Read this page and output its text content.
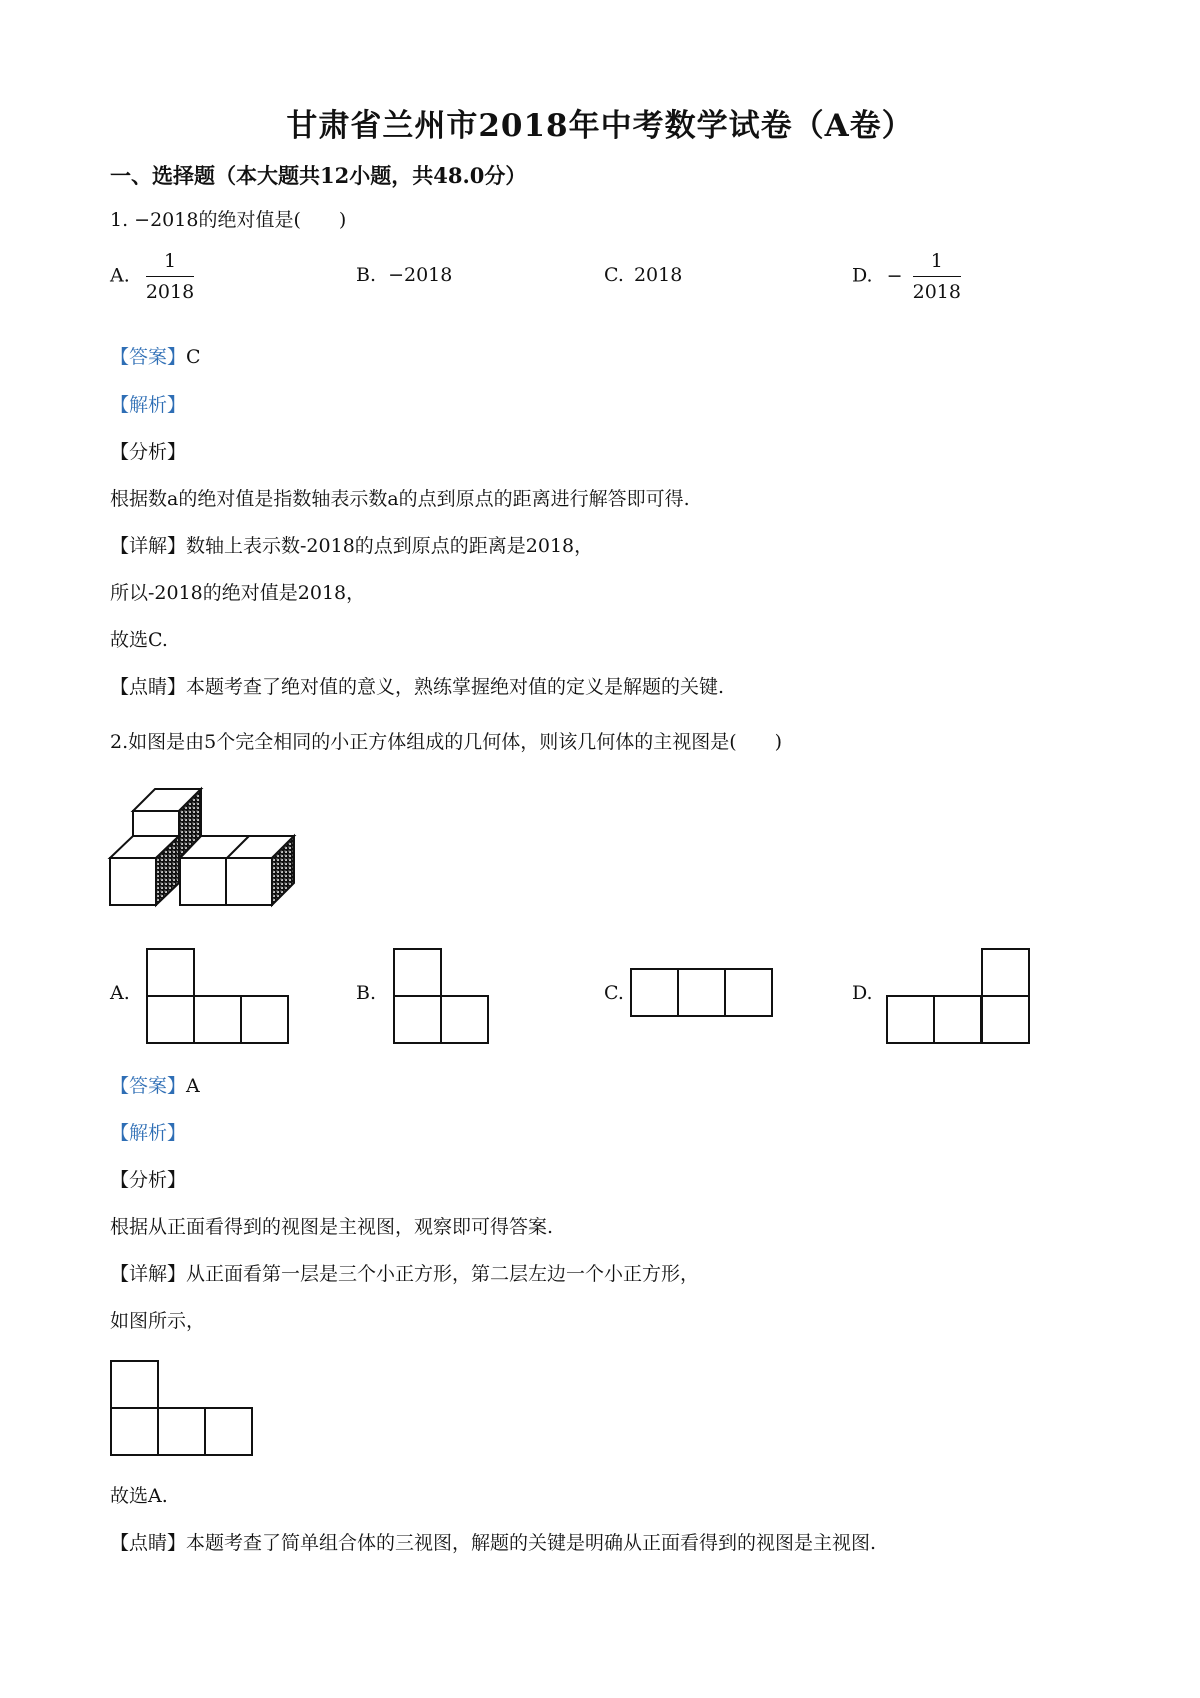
甘肃省兰州市2018年中考数学试卷（A卷）
一、选择题（本大题共12小题，共48.0分）
1. −2018的绝对值是(　　)
A. $\frac{1}{2018}$	B. −2018	C. 2018	D. − $\frac{1}{2018}$
【答案】C
【解析】
【分析】
根据数a的绝对值是指数轴表示数a的点到原点的距离进行解答即可得.
【详解】数轴上表示数-2018的点到原点的距离是2018，
所以-2018的绝对值是2018，
故选C.
【点睛】本题考查了绝对值的意义，熟练掌握绝对值的定义是解题的关键.
2.如图是由5个完全相同的小正方体组成的几何体，则该几何体的主视图是(　　)
A.	B.	C.	D.
【答案】A
【解析】
【分析】
根据从正面看得到的视图是主视图，观察即可得答案.
【详解】从正面看第一层是三个小正方形，第二层左边一个小正方形，
如图所示，
故选A.
【点睛】本题考查了简单组合体的三视图，解题的关键是明确从正面看得到的视图是主视图.
